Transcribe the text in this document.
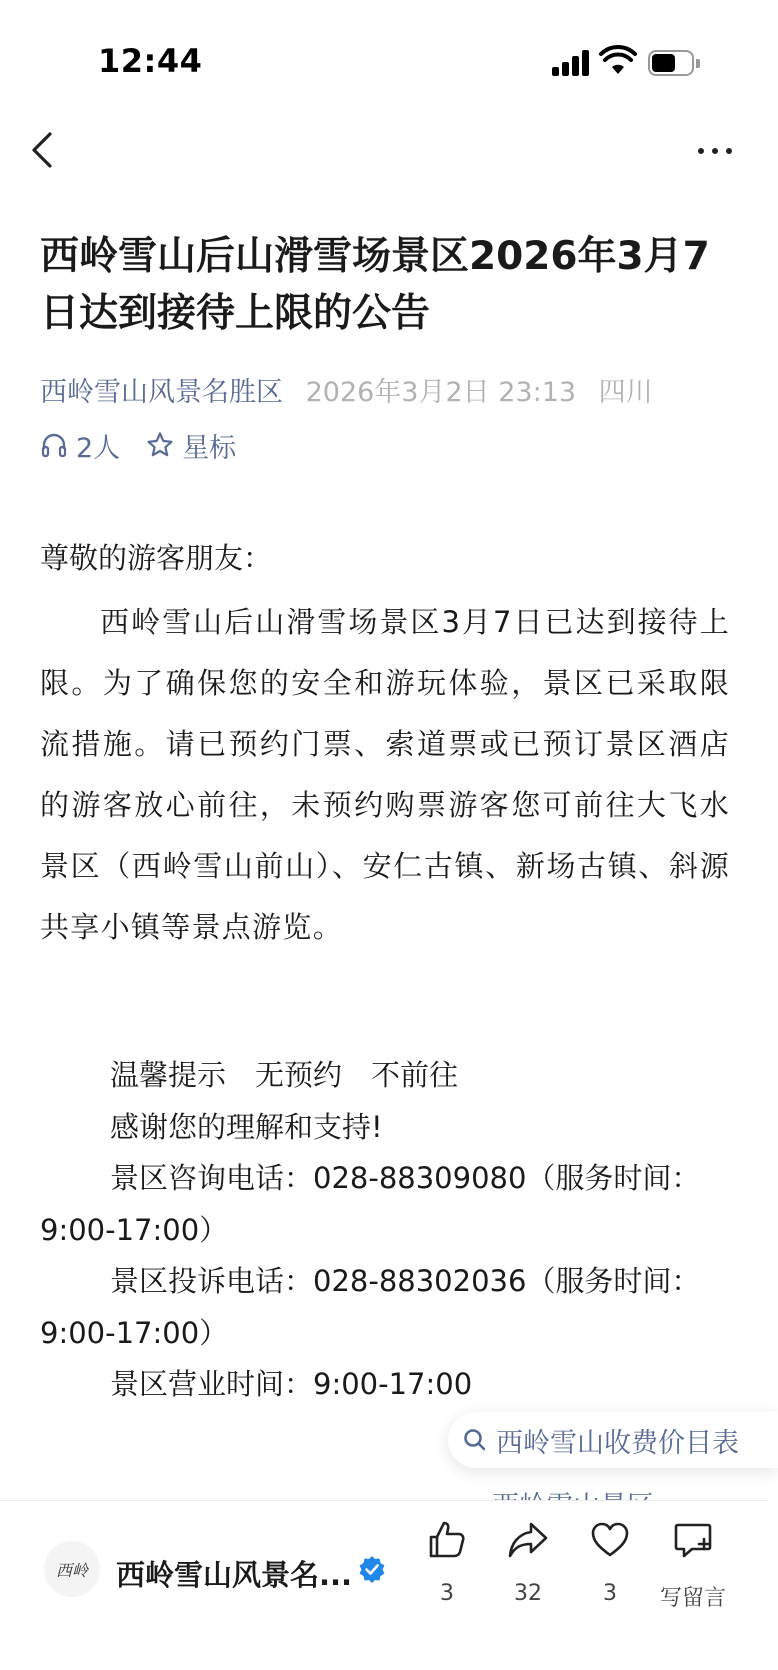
12:44
西岭雪山后山滑雪场景区2026年3月7日达到接待上限的公告
西岭雪山风景名胜区 2026年3月2日 23:13 四川
2人 星标
尊敬的游客朋友：

西岭雪山后山滑雪场景区3月7日已达到接待上限。为了确保您的安全和游玩体验，景区已采取限流措施。请已预约门票、索道票或已预订景区酒店的游客放心前往，未预约购票游客您可前往大飞水景区（西岭雪山前山）、安仁古镇、新场古镇、斜源共享小镇等景点游览。

温馨提示　无预约　不前往

感谢您的理解和支持!

景区咨询电话：028-88309080（服务时间：9:00-17:00）

景区投诉电话：028-88302036（服务时间：9:00-17:00）

景区营业时间：9:00-17:00

西岭雪山收费价目表
西岭 西岭雪山风景名...
3	32	3	写留言
